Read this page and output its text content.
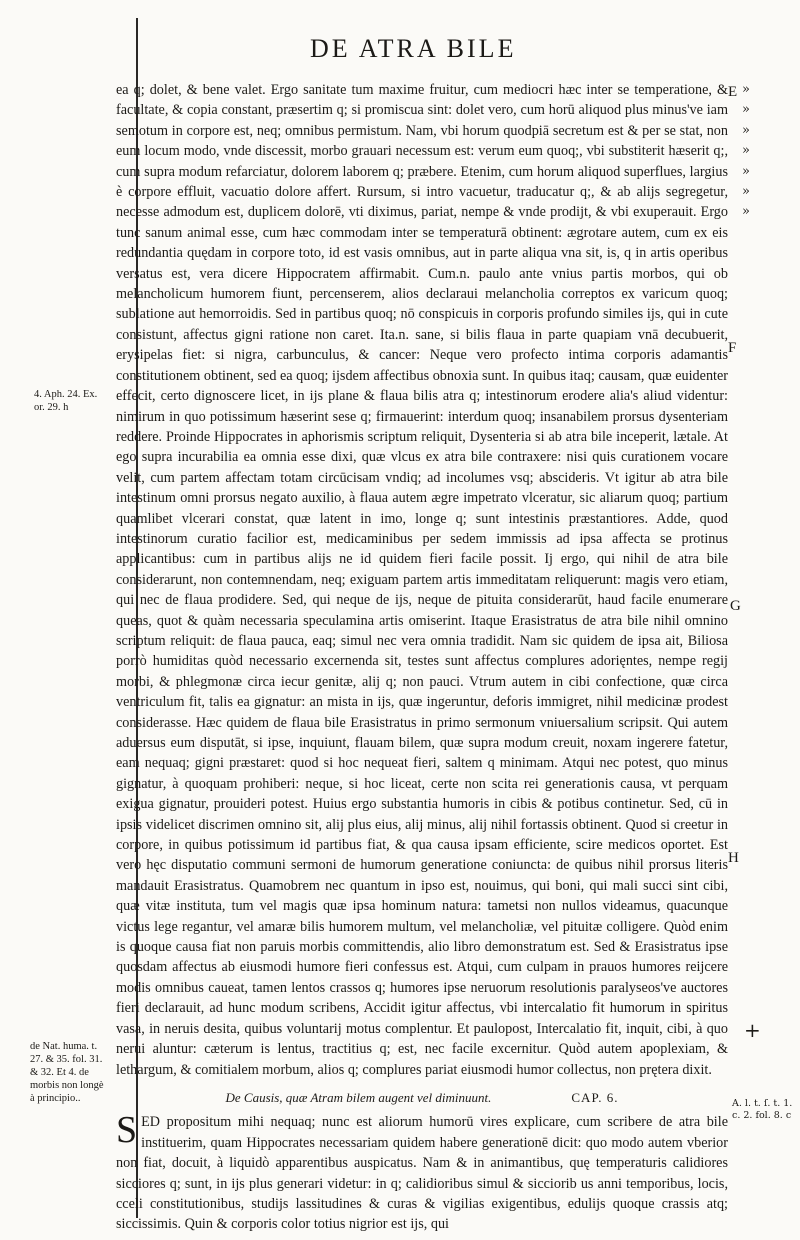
DE ATRA BILE

ea q; dolet, & bene valet. Ergo sanitate tum maxime fruitur, cum mediocri hæc inter se temperatione, & facultate, & copia constant, præsertim q; si promiscua sint: dolet vero, cum horū aliquod plus minus've iam semotum in corpore est, neq; omnibus permistum. Nam, vbi horum quodpiā secretum est & per se stat, non eum locum modo, vnde discessit, morbo grauari necessum est: verum eum quoq;, vbi substiterit hæserit q;, cum supra modum refarciatur, dolorem laborem q; præbere. Etenim, cum horum aliquod superflues, largius è corpore effluit, vacuatio dolore affert. Rursum, si intro vacuetur, traducatur q;, & ab alijs segregetur, necesse admodum est, duplicem dolorē, vti diximus, pariat, nempe & vnde prodijt, & vbi exuperauit. Ergo tunc sanum animal esse, cum hæc commodam inter se temperaturā obtinent: ægrotare autem, cum ex eis redundantia quędam in corpore toto, id est vasis omnibus, aut in parte aliqua vna sit, is, q in artis operibus versatus est, vera dicere Hippocratem affirmabit. Cum.n. paulo ante vnius partis morbos, qui ob melancholicum humorem fiunt, percenserem, alios declaraui melancholia correptos ex varicum quoq; sublatione aut hemorroidis. Sed in partibus quoq; nō conspicuis in corporis profundo similes ijs, qui in cute consistunt, affectus gigni ratione non caret. Ita.n. sane, si bilis flaua in parte quapiam vnā decubuerit, erysipelas fiet: si nigra, carbunculus, & cancer: Neque vero profecto intima corporis adamantis constitutionem obtinent, sed ea quoq; ijsdem affectibus obnoxia sunt. In quibus itaq; causam, quæ euidenter effecit, certo dignoscere licet, in ijs plane & flaua bilis atra q; intestinorum erodere alia's aliud videntur: nimirum in quo potissimum hæserint sese q; firmauerint: interdum quoq; insanabilem prorsus dysenteriam reddere. Proinde Hippocrates in aphorismis scriptum reliquit, Dysenteria si ab atra bile inceperit, lætale. At ego supra incurabilia ea omnia esse dixi, quæ vlcus ex atra bile contraxere: nisi quis curationem vocare velit, cum partem affectam totam circūcisam vndiq; ad incolumes vsq; abscideris. Vt igitur ab atra bile intestinum omni prorsus negato auxilio, à flaua autem ægre impetrato vlceratur, sic aliarum quoq; partium quamlibet vlcerari constat, quæ latent in imo, longe q; sunt intestinis præstantiores. Adde, quod intestinorum curatio facilior est, medicaminibus per sedem immissis ad ipsa affecta se protinus applicantibus: cum in partibus alijs ne id quidem fieri facile possit. Ij ergo, qui nihil de atra bile considerarunt, non contemnendam, neq; exiguam partem artis immeditatam reliquerunt: magis vero etiam, qui nec de flaua prodidere. Sed, qui neque de ijs, neque de pituita considerarūt, haud facile enumerare queas, quot & quàm necessaria speculamina artis omiserint. Itaque Erasistratus de atra bile nihil omnino scriptum reliquit: de flaua pauca, eaq; simul nec vera omnia tradidit. Nam sic quidem de ipsa ait, Biliosa porrò humiditas quòd necessario excernenda sit, testes sunt affectus complures adorięntes, nempe regij morbi, & phlegmonæ circa iecur genitæ, alij q; non pauci. Vtrum autem in cibi confectione, quæ circa ventriculum fit, talis ea gignatur: an mista in ijs, quæ ingeruntur, deforis immigret, nihil medicinæ prodest considerasse. Hæc quidem de flaua bile Erasistratus in primo sermonum vniuersalium scripsit. Qui autem aduersus eum disputāt, si ipse, inquiunt, flauam bilem, quæ supra modum creuit, noxam ingerere fatetur, eam nequaq; gigni præstaret: quod si hoc nequeat fieri, saltem q minimam. Atqui nec potest, quo minus gignatur, à quoquam prohiberi: neque, si hoc liceat, certe non scita rei generationis causa, vt perquam exigua gignatur, prouideri potest. Huius ergo substantia humoris in cibis & potibus continetur. Sed, cū in ipsis videlicet discrimen omnino sit, alij plus eius, alij minus, alij nihil fortassis obtinent. Quod si creetur in corpore, in quibus potissimum id partibus fiat, & qua causa ipsam efficiente, scire medicos oportet. Est vero hęc disputatio communi sermoni de humorum generatione coniuncta: de quibus nihil prorsus literis mandauit Erasistratus. Quamobrem nec quantum in ipso est, nouimus, qui boni, qui mali succi sint cibi, quæ vitæ instituta, tum vel magis quæ ipsa hominum natura: tametsi non nullos videamus, quacunque victus lege regantur, vel amaræ bilis humorem multum, vel melancholiæ, vel pituitæ colligere. Quòd enim is quoque causa fiat non paruis morbis committendis, alio libro demonstratum est. Sed & Erasistratus ipse quosdam affectus ab eiusmodi humore fieri confessus est. Atqui, cum culpam in prauos humores reijcere modis omnibus caueat, tamen lentos crassos q; humores ipse neruorum resolutionis paralyseos've auctores fieri declarauit, ad hunc modum scribens, Accidit igitur affectus, vbi intercalatio fit humorum in spiritus vasa, in neruis desita, quibus voluntarij motus complentur. Et paulopost, Intercalatio fit, inquit, cibi, à quo nerui aluntur: cæterum is lentus, tractitius q; est, nec facile excernitur. Quòd autem apoplexiam, & lethargum, & comitialem morbum, alios q; complures pariat eiusmodi humor collectus, non prętera dixit.

De Causis, quæ Atram bilem augent vel diminuunt.	CAP. 6.

S ED propositum mihi nequaq; nunc est aliorum humorū vires explicare, cum scribere de atra bile instituerim, quam Hippocrates necessariam quidem habere generationē dicit: quo modo autem vberior non fiat, docuit, à liquidò apparentibus auspicatus. Nam & in animantibus, quę temperaturis calidiores sicciores q; sunt, in ijs plus generari videtur: in q; calidioribus simul & sicciorib us anni temporibus, locis, cceli constitutionibus, studijs lassitudines & curas & vigilias exigentibus, edulijs quoque crassis atq; siccissimis. Quin & corporis color totius nigrior est ijs, qui

4. Aph. 24. Ex. or. 29. h
de Nat. huma. t. 27. & 35. fol. 31. & 32. Et 4. de morbis non longè à principio..
»
»
»
»
»
»
»
E
F
G
H
+
A. l. t. ſ. t. 1. c. 2. fol. 8. c
